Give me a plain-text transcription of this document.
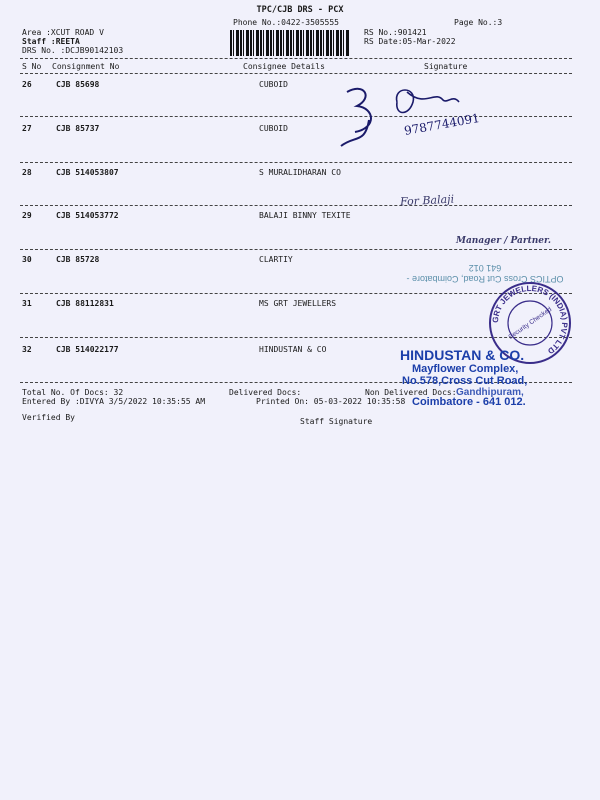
TPC/CJB DRS - PCX
Phone No.:0422-3505555	Page No.:3
Area :XCUT ROAD V
Staff :REETA
DRS No. :DCJB90142103
RS No.:901421
RS Date:05-Mar-2022
S No Consignment No	Consignee Details	Signature
26	CJB 85698	CUBOID
27	CJB 85737	CUBOID
28	CJB 514053807	S MURALIDHARAN CO
29	CJB 514053772	BALAJI BINNY TEXITE
30	CJB 85728	CLARTIY
31	CJB 88112831	MS GRT JEWELLERS
32	CJB 514022177	HINDUSTAN & CO
9787744091
For Balaji
Manager / Partner.
OPTICS Cross Cut Road, Coimbatore - 641 012
GRT JEWELLERS (INDIA) PVT LTD
Security Checked
HINDUSTAN & CO.
Mayflower Complex,
No.578,Cross Cut Road,
Gandhipuram,
Coimbatore - 641 012.
Total No. Of Docs: 32	Delivered Docs:	Non Delivered Docs:
Entered By :DIVYA 3/5/2022 10:35:55 AM	Printed On: 05-03-2022 10:35:58
Verified By	Staff Signature
